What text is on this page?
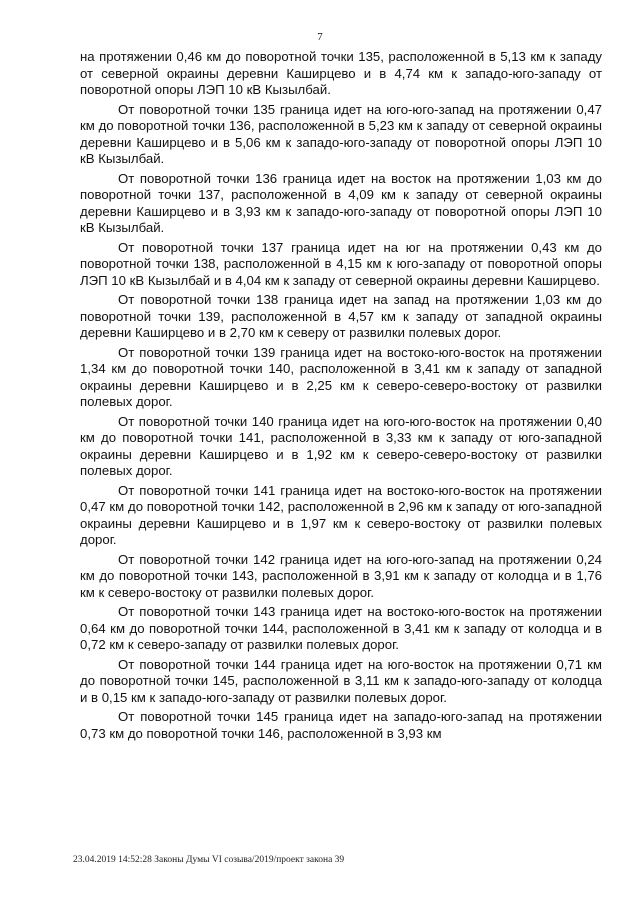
7

на протяжении 0,46 км до поворотной точки 135, расположенной в 5,13 км к западу от северной окраины деревни Каширцево и в 4,74 км к западо-юго-западу от поворотной опоры ЛЭП 10 кВ Кызылбай.

От поворотной точки 135 граница идет на юго-юго-запад на протяжении 0,47 км до поворотной точки 136, расположенной в 5,23 км к западу от северной окраины деревни Каширцево и в 5,06 км к западо-юго-западу от поворотной опоры ЛЭП 10 кВ Кызылбай.

От поворотной точки 136 граница идет на восток на протяжении 1,03 км до поворотной точки 137, расположенной в 4,09 км к западу от северной окраины деревни Каширцево и в 3,93 км к западо-юго-западу от поворотной опоры ЛЭП 10 кВ Кызылбай.

От поворотной точки 137 граница идет на юг на протяжении 0,43 км до поворотной точки 138, расположенной в 4,15 км к юго-западу от поворотной опоры ЛЭП 10 кВ Кызылбай и в 4,04 км к западу от северной окраины деревни Каширцево.

От поворотной точки 138 граница идет на запад на протяжении 1,03 км до поворотной точки 139, расположенной в 4,57 км к западу от западной окраины деревни Каширцево и в 2,70 км к северу от развилки полевых дорог.

От поворотной точки 139 граница идет на востоко-юго-восток на протяжении 1,34 км до поворотной точки 140, расположенной в 3,41 км к западу от западной окраины деревни Каширцево и в 2,25 км к северо-северо-востоку от развилки полевых дорог.

От поворотной точки 140 граница идет на юго-юго-восток на протяжении 0,40 км до поворотной точки 141, расположенной в 3,33 км к западу от юго-западной окраины деревни Каширцево и в 1,92 км к северо-северо-востоку от развилки полевых дорог.

От поворотной точки 141 граница идет на востоко-юго-восток на протяжении 0,47 км до поворотной точки 142, расположенной в 2,96 км к западу от юго-западной окраины деревни Каширцево и в 1,97 км к северо-востоку от развилки полевых дорог.

От поворотной точки 142 граница идет на юго-юго-запад на протяжении 0,24 км до поворотной точки 143, расположенной в 3,91 км к западу от колодца и в 1,76 км к северо-востоку от развилки полевых дорог.

От поворотной точки 143 граница идет на востоко-юго-восток на протяжении 0,64 км до поворотной точки 144, расположенной в 3,41 км к западу от колодца и в 0,72 км к северо-западу от развилки полевых дорог.

От поворотной точки 144 граница идет на юго-восток на протяжении 0,71 км до поворотной точки 145, расположенной в 3,11 км к западо-юго-западу от колодца и в 0,15 км к западо-юго-западу от развилки полевых дорог.

От поворотной точки 145 граница идет на западо-юго-запад на протяжении 0,73 км до поворотной точки 146, расположенной в 3,93 км

23.04.2019 14:52:28 Законы Думы VI созыва/2019/проект закона 39
